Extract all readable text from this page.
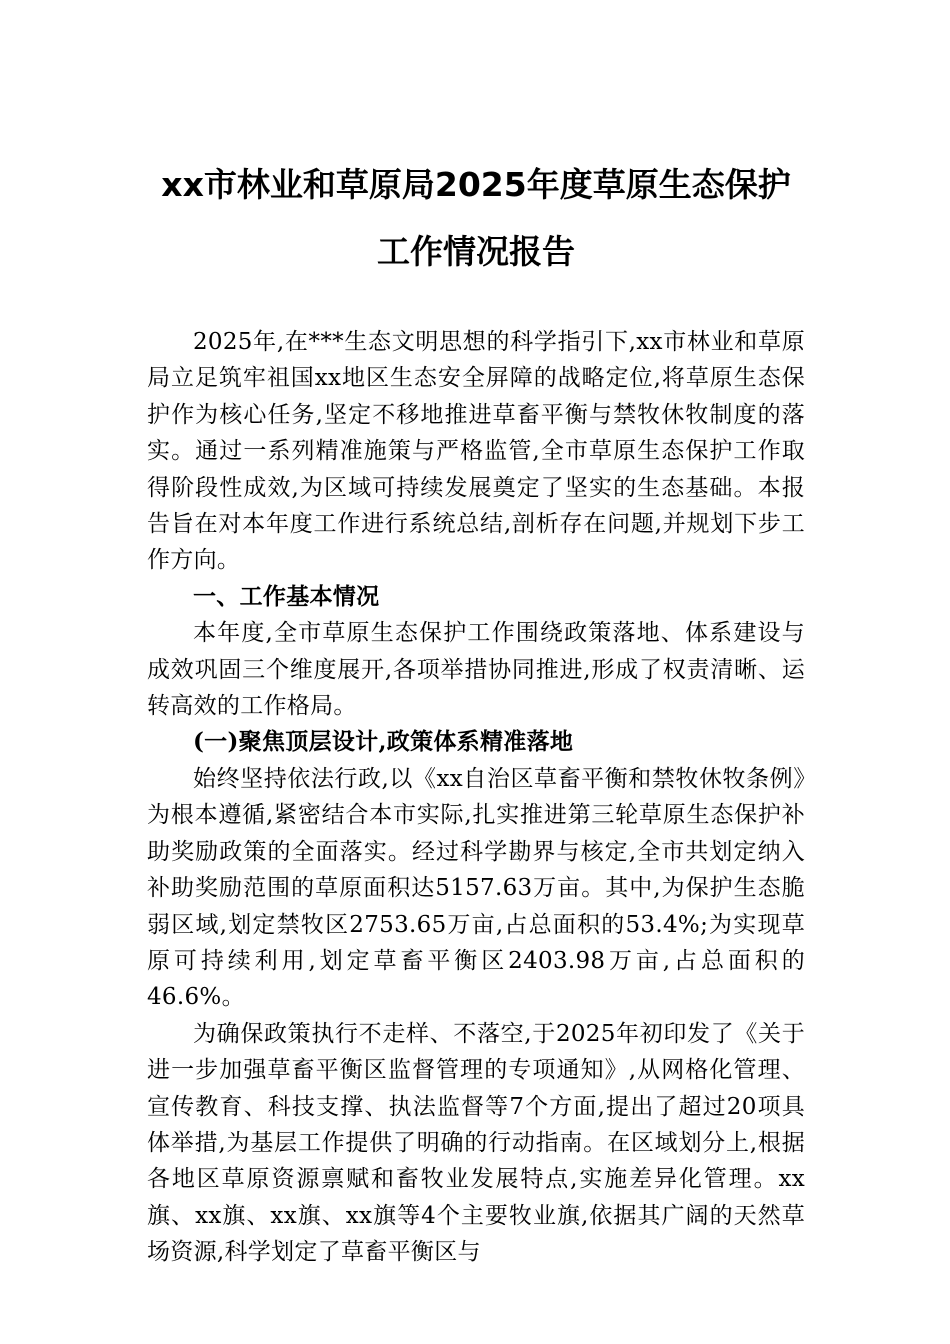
xx市林业和草原局2025年度草原生态保护
工作情况报告

2025年,在***生态文明思想的科学指引下,xx市林业和草原局立足筑牢祖国xx地区生态安全屏障的战略定位,将草原生态保护作为核心任务,坚定不移地推进草畜平衡与禁牧休牧制度的落实。通过一系列精准施策与严格监管,全市草原生态保护工作取得阶段性成效,为区域可持续发展奠定了坚实的生态基础。本报告旨在对本年度工作进行系统总结,剖析存在问题,并规划下步工作方向。

一、工作基本情况

本年度,全市草原生态保护工作围绕政策落地、体系建设与成效巩固三个维度展开,各项举措协同推进,形成了权责清晰、运转高效的工作格局。

(一)聚焦顶层设计,政策体系精准落地

始终坚持依法行政,以《xx自治区草畜平衡和禁牧休牧条例》为根本遵循,紧密结合本市实际,扎实推进第三轮草原生态保护补助奖励政策的全面落实。经过科学勘界与核定,全市共划定纳入补助奖励范围的草原面积达5157.63万亩。其中,为保护生态脆弱区域,划定禁牧区2753.65万亩,占总面积的53.4%;为实现草原可持续利用,划定草畜平衡区2403.98万亩,占总面积的46.6%。

为确保政策执行不走样、不落空,于2025年初印发了《关于进一步加强草畜平衡区监督管理的专项通知》,从网格化管理、宣传教育、科技支撑、执法监督等7个方面,提出了超过20项具体举措,为基层工作提供了明确的行动指南。在区域划分上,根据各地区草原资源禀赋和畜牧业发展特点,实施差异化管理。xx旗、xx旗、xx旗、xx旗等4个主要牧业旗,依据其广阔的天然草场资源,科学划定了草畜平衡区与
